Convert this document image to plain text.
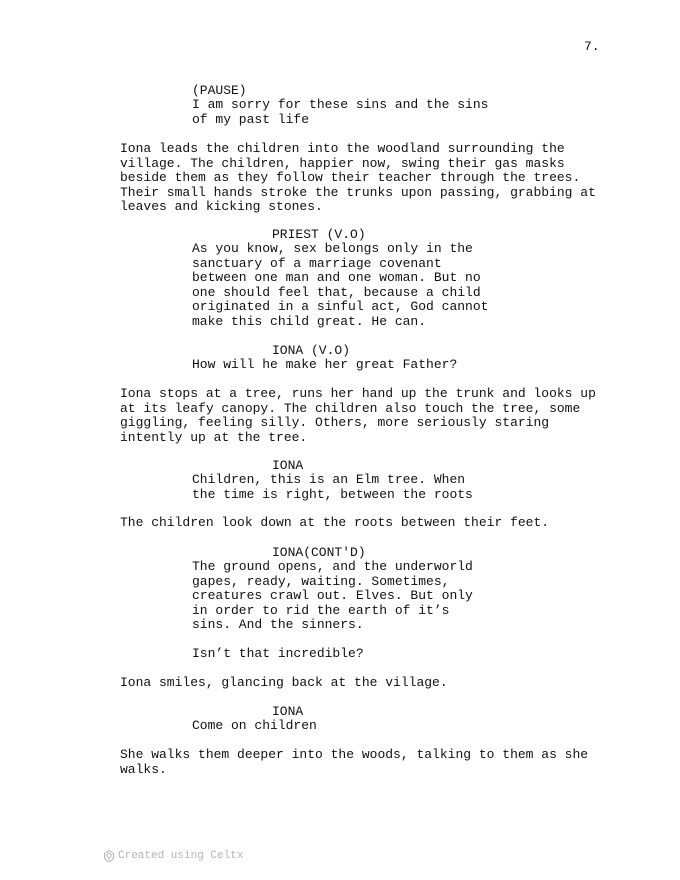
7.
(PAUSE)
I am sorry for these sins and the sins
of my past life
Iona leads the children into the woodland surrounding the
village. The children, happier now, swing their gas masks
beside them as they follow their teacher through the trees.
Their small hands stroke the trunks upon passing, grabbing at
leaves and kicking stones.
PRIEST (V.O)
As you know, sex belongs only in the
sanctuary of a marriage covenant
between one man and one woman. But no
one should feel that, because a child
originated in a sinful act, God cannot
make this child great. He can.
IONA (V.O)
How will he make her great Father?
Iona stops at a tree, runs her hand up the trunk and looks up
at its leafy canopy. The children also touch the tree, some
giggling, feeling silly. Others, more seriously staring
intently up at the tree.
IONA
Children, this is an Elm tree. When
the time is right, between the roots
The children look down at the roots between their feet.
IONA(CONT'D)
The ground opens, and the underworld
gapes, ready, waiting. Sometimes,
creatures crawl out. Elves. But only
in order to rid the earth of it’s
sins. And the sinners.
Isn’t that incredible?
Iona smiles, glancing back at the village.
IONA
Come on children
She walks them deeper into the woods, talking to them as she
walks.
Created using Celtx
